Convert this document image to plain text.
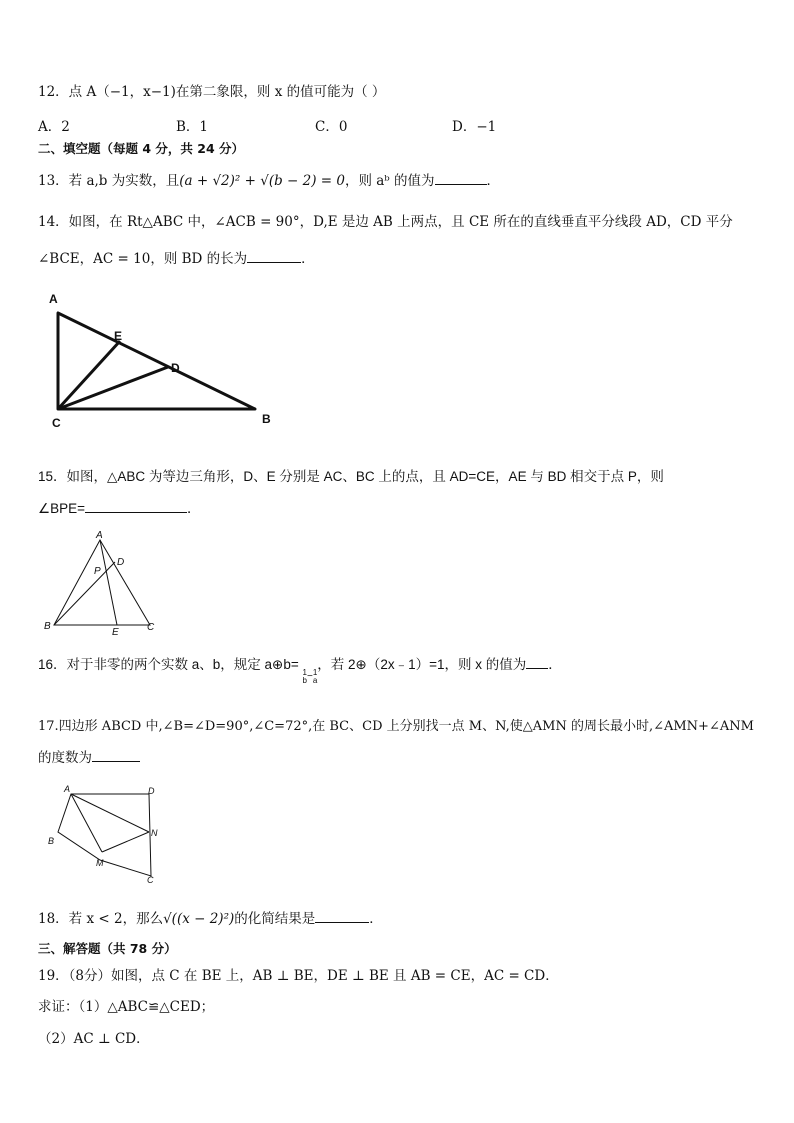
12．点 A（−1，x−1)在第二象限，则 x 的值可能为（ ）
A．2	B．1	C．0	D．−1
二、填空题（每题 4 分，共 24 分）
13．若 a,b 为实数，且(a + √2)² + √(b − 2) = 0，则 aᵇ 的值为	．
14．如图，在 Rt△ABC 中，∠ACB = 90°，D,E 是边 AB 上两点，且 CE 所在的直线垂直平分线段 AD，CD 平分
∠BCE，AC = 10，则 BD 的长为	．
A
E
D
C	B
15．如图，△ABC 为等边三角形，D、E 分别是 AC、BC 上的点，且 AD=CE，AE 与 BD 相交于点 P，则
∠BPE=	．
A
D
P
B
E	C
16．对于非零的两个实数 a、b，规定 a⊕b= 1
$b_-1$
a，若 2⊕（2x﹣1）=1，则 x 的值为 ．
17.四边形 ABCD 中,∠B=∠D=90°,∠C=72°,在 BC、CD 上分别找一点 M、N,使△AMN 的周长最小时,∠AMN+∠ANM
的度数为
A	D
N
B
M
C
18．若 x < 2，那么√((x − 2)²)的化简结果是	．
三、解答题（共 78 分）
19．（8分）如图，点 C 在 BE 上，AB ⊥ BE，DE ⊥ BE 且 AB = CE，AC = CD．
求证：（1）△ABC≌△CED；
（2）AC ⊥ CD．
